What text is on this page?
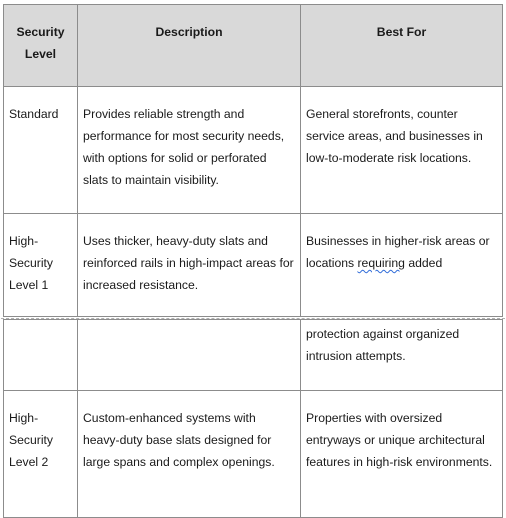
Security Level
Description	Best For
Standard	Provides reliable strength and performance for most security needs, with options for solid or perforated slats to maintain visibility.
General storefronts, counter service areas, and businesses in low-to-moderate risk locations.
High-Security Level 1
Uses thicker, heavy-duty slats and reinforced rails in high-impact areas for increased resistance.
Businesses in higher-risk areas or locations requiring added
protection against organized intrusion attempts.
High-Security Level 2
Custom-enhanced systems with heavy-duty base slats designed for large spans and complex openings.
Properties with oversized entryways or unique architectural features in high-risk environments.
